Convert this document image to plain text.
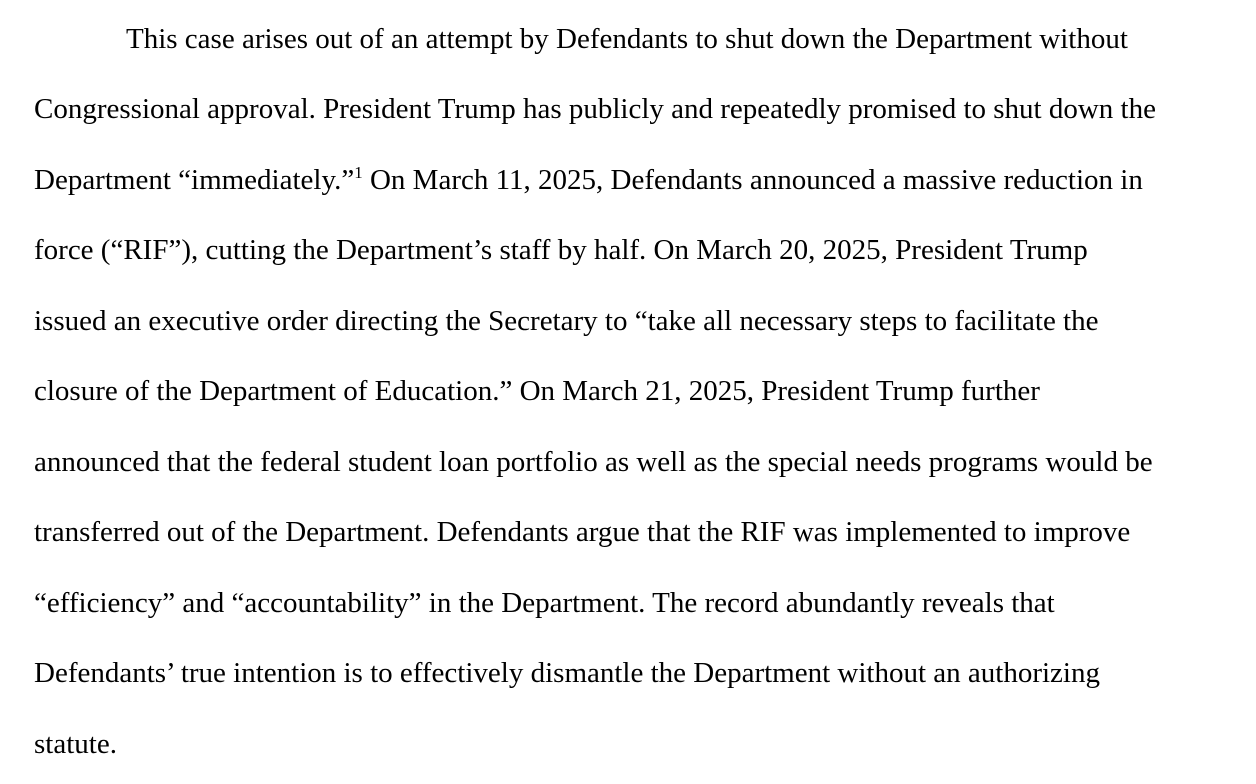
This case arises out of an attempt by Defendants to shut down the Department without
Congressional approval. President Trump has publicly and repeatedly promised to shut down the
Department “immediately.”$^1$ On March 11, 2025, Defendants announced a massive reduction in
force (“RIF”), cutting the Department’s staff by half. On March 20, 2025, President Trump
issued an executive order directing the Secretary to “take all necessary steps to facilitate the
closure of the Department of Education.” On March 21, 2025, President Trump further
announced that the federal student loan portfolio as well as the special needs programs would be
transferred out of the Department. Defendants argue that the RIF was implemented to improve
“efficiency” and “accountability” in the Department. The record abundantly reveals that
Defendants’ true intention is to effectively dismantle the Department without an authorizing
statute.
